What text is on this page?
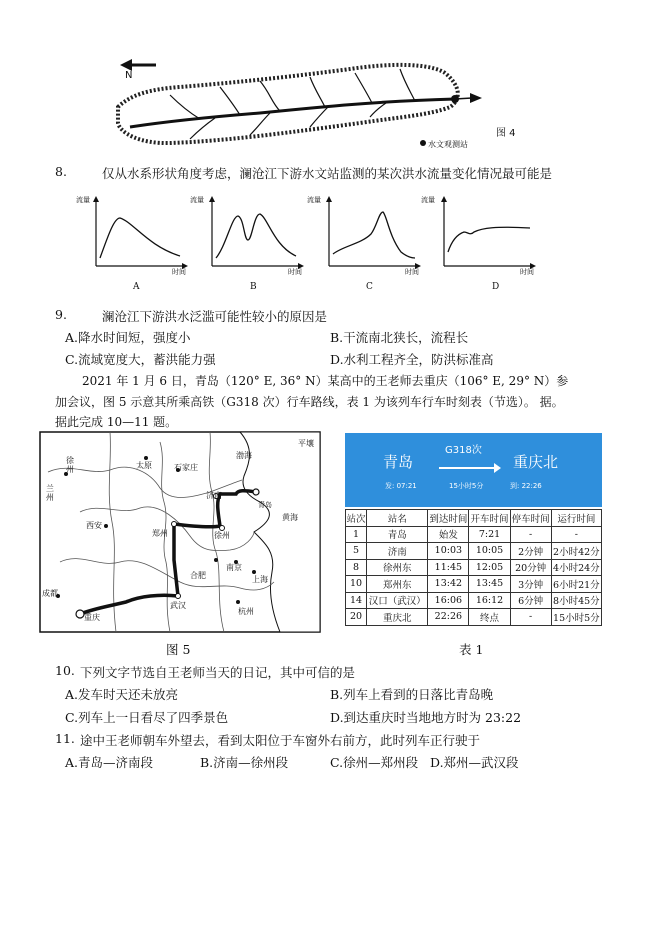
N
水文观测站
图 4
8.	仅从水系形状角度考虑，澜沧江下游水文站监测的某次洪水流量变化情况最可能是
流量	流量	流量	流量
时间	时间	时间	时间
A	B	C	D
9.	澜沧江下游洪水泛滥可能性较小的原因是
A.降水时间短，强度小	B.干流南北狭长，流程长
C.流域宽度大，蓄洪能力强	D.水利工程齐全，防洪标准高
2021 年 1 月 6 日，青岛（120° E, 36° N）某高中的王老师去重庆（106° E, 29° N）参
加会议，图 5 示意其所乘高铁（G318 次）行车路线，表 1 为该列车行车时刻表（节选）。 据。
据此完成 10—11 题。
平壤
徐州	太原	石家庄
兰州
渤海
济南
青岛
西安
郑州	徐州
黄海
合肥
南京
上海
成都
重庆
武汉
杭州
图 5
G318次
青岛	重庆北
发: 07:21	15小时5分	到: 22:26
站次	站名	到达时间	开车时间	停车时间	运行时间
1	青岛	始发	7:21	-	-
5	济南	10:03	10:05	2分钟	2小时42分
8	徐州东	11:45	12:05	20分钟	4小时24分
10	郑州东	13:42	13:45	3分钟	6小时21分
14	汉口（武汉）	16:06	16:12	6分钟	8小时45分
20	重庆北	22:26	终点	-	15小时5分
表 1
10. 下列文字节选自王老师当天的日记，其中可信的是
A.发车时天还未放亮	B.列车上看到的日落比青岛晚
C.列车上一日看尽了四季景色	D.到达重庆时当地地方时为 23:22
11. 途中王老师朝车外望去，看到太阳位于车窗外右前方，此时列车正行驶于
A.青岛—济南段	B.济南—徐州段	C.徐州—郑州段 D.郑州—武汉段
